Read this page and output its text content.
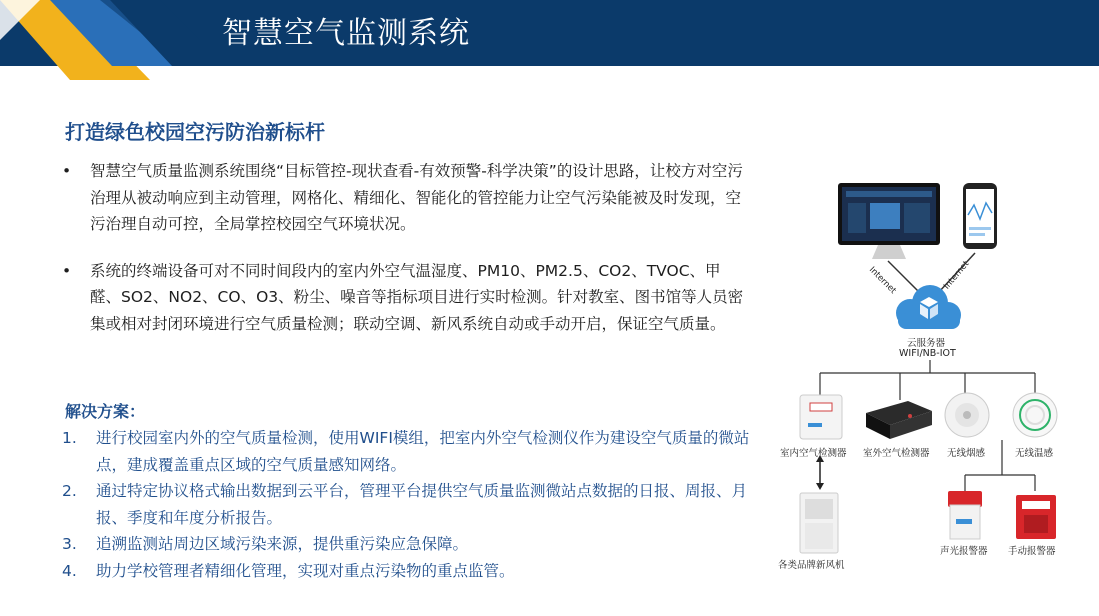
智慧空气监测系统
打造绿色校园空污防治新标杆
•	智慧空气质量监测系统围绕“目标管控-现状查看-有效预警-科学决策”的设计思路，让校方对空污治理从被动响应到主动管理，网格化、精细化、智能化的管控能力让空气污染能被及时发现，空污治理自动可控，全局掌控校园空气环境状况。
•	系统的终端设备可对不同时间段内的室内外空气温湿度、PM10、PM2.5、CO2、TVOC、甲醛、SO2、NO2、CO、O3、粉尘、噪音等指标项目进行实时检测。针对教室、图书馆等人员密集或相对封闭环境进行空气质量检测；联动空调、新风系统自动或手动开启，保证空气质量。
解决方案：
1.	进行校园室内外的空气质量检测，使用WIFI模组，把室内外空气检测仪作为建设空气质量的微站点，建成覆盖重点区域的空气质量感知网络。
2.	通过特定协议格式输出数据到云平台，管理平台提供空气质量监测微站点数据的日报、周报、月报、季度和年度分析报告。
3.	追溯监测站周边区域污染来源，提供重污染应急保障。
4.	助力学校管理者精细化管理，实现对重点污染物的重点监管。
Internet	Internet
云服务器
WIFI/NB-IOT
室内空气检测器 室外空气检测器 无线烟感	无线温感
各类品牌新风机
声光报警器 手动报警器
